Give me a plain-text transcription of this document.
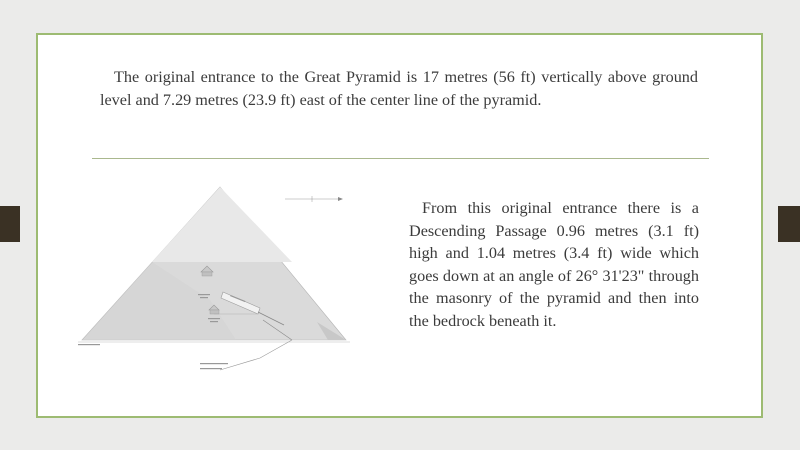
The original entrance to the Great Pyramid is 17 metres (56 ft) vertically above ground level and 7.29 metres (23.9 ft) east of the center line of the pyramid.

From this original entrance there is a Descending Passage 0.96 metres (3.1 ft) high and 1.04 metres (3.4 ft) wide which goes down at an angle of 26° 31'23" through the masonry of the pyramid and then into the bedrock beneath it.
